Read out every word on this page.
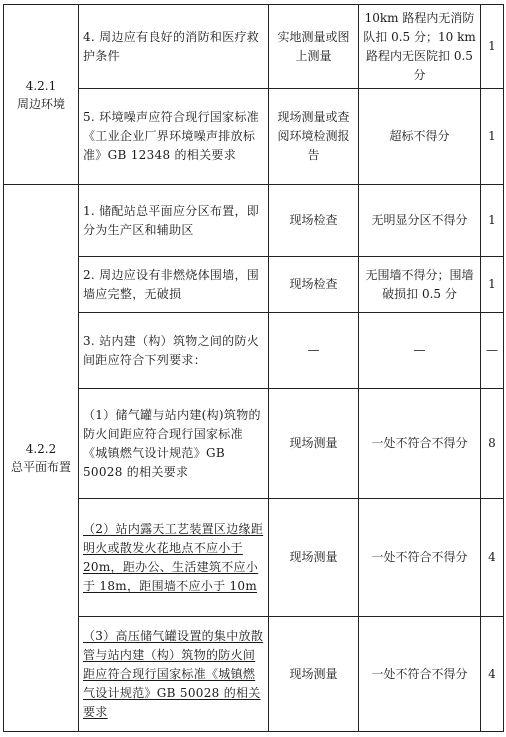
4.2.1
周边环境	4. 周边应有良好的消防和医疗救护条件	实地测量或图上测量	10km 路程内无消防队扣 0.5 分；10 km 路程内无医院扣 0.5 分	1
	5. 环境噪声应符合现行国家标准《工业企业厂界环境噪声排放标准》GB 12348 的相关要求	现场测量或查阅环境检测报告	超标不得分	1

4.2.2
总平面布置	1. 储配站总平面应分区布置，即分为生产区和辅助区	现场检查	无明显分区不得分	1
	2. 周边应设有非燃烧体围墙，围墙应完整，无破损	现场检查	无围墙不得分；围墙破损扣 0.5 分	1
	3. 站内建（构）筑物之间的防火间距应符合下列要求：	—	—	—
	（1）储气罐与站内建(构)筑物的防火间距应符合现行国家标准《城镇燃气设计规范》GB 50028 的相关要求	现场测量	一处不符合不得分	8
	（2）站内露天工艺装置区边缘距明火或散发火花地点不应小于 20m，距办公、生活建筑不应小于 18m，距围墙不应小于 10m	现场测量	一处不符合不得分	4
	（3）高压储气罐设置的集中放散管与站内建（构）筑物的防火间距应符合现行国家标准《城镇燃气设计规范》GB 50028 的相关要求	现场测量	一处不符合不得分	4
